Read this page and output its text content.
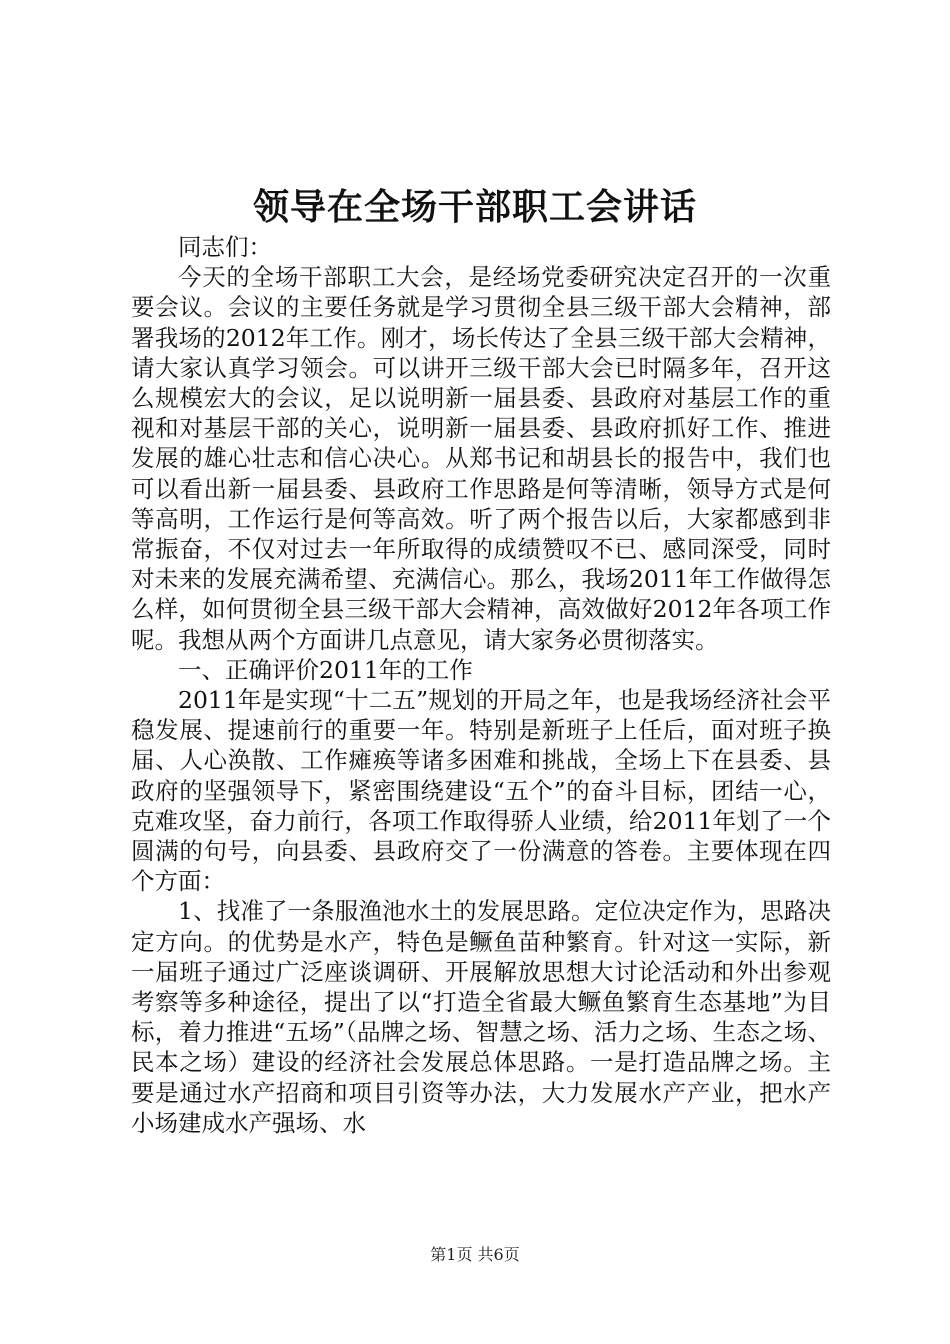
领导在全场干部职工会讲话

同志们：

今天的全场干部职工大会，是经场党委研究决定召开的一次重要会议。会议的主要任务就是学习贯彻全县三级干部大会精神，部署我场的2012年工作。刚才，场长传达了全县三级干部大会精神，请大家认真学习领会。可以讲开三级干部大会已时隔多年，召开这么规模宏大的会议，足以说明新一届县委、县政府对基层工作的重视和对基层干部的关心，说明新一届县委、县政府抓好工作、推进发展的雄心壮志和信心决心。从郑书记和胡县长的报告中，我们也可以看出新一届县委、县政府工作思路是何等清晰，领导方式是何等高明，工作运行是何等高效。听了两个报告以后，大家都感到非常振奋，不仅对过去一年所取得的成绩赞叹不已、感同深受，同时对未来的发展充满希望、充满信心。那么，我场2011年工作做得怎么样，如何贯彻全县三级干部大会精神，高效做好2012年各项工作呢。我想从两个方面讲几点意见，请大家务必贯彻落实。

一、正确评价2011年的工作

2011年是实现“十二五”规划的开局之年，也是我场经济社会平稳发展、提速前行的重要一年。特别是新班子上任后，面对班子换届、人心涣散、工作瘫痪等诸多困难和挑战，全场上下在县委、县政府的坚强领导下，紧密围绕建设“五个”的奋斗目标，团结一心，克难攻坚，奋力前行，各项工作取得骄人业绩，给2011年划了一个圆满的句号，向县委、县政府交了一份满意的答卷。主要体现在四个方面：

1、找准了一条服渔池水土的发展思路。定位决定作为，思路决定方向。的优势是水产，特色是鳜鱼苗种繁育。针对这一实际，新一届班子通过广泛座谈调研、开展解放思想大讨论活动和外出参观考察等多种途径，提出了以“打造全省最大鳜鱼繁育生态基地”为目标，着力推进“五场”（品牌之场、智慧之场、活力之场、生态之场、民本之场）建设的经济社会发展总体思路。一是打造品牌之场。主要是通过水产招商和项目引资等办法，大力发展水产产业，把水产小场建成水产强场、水

第1页 共6页
